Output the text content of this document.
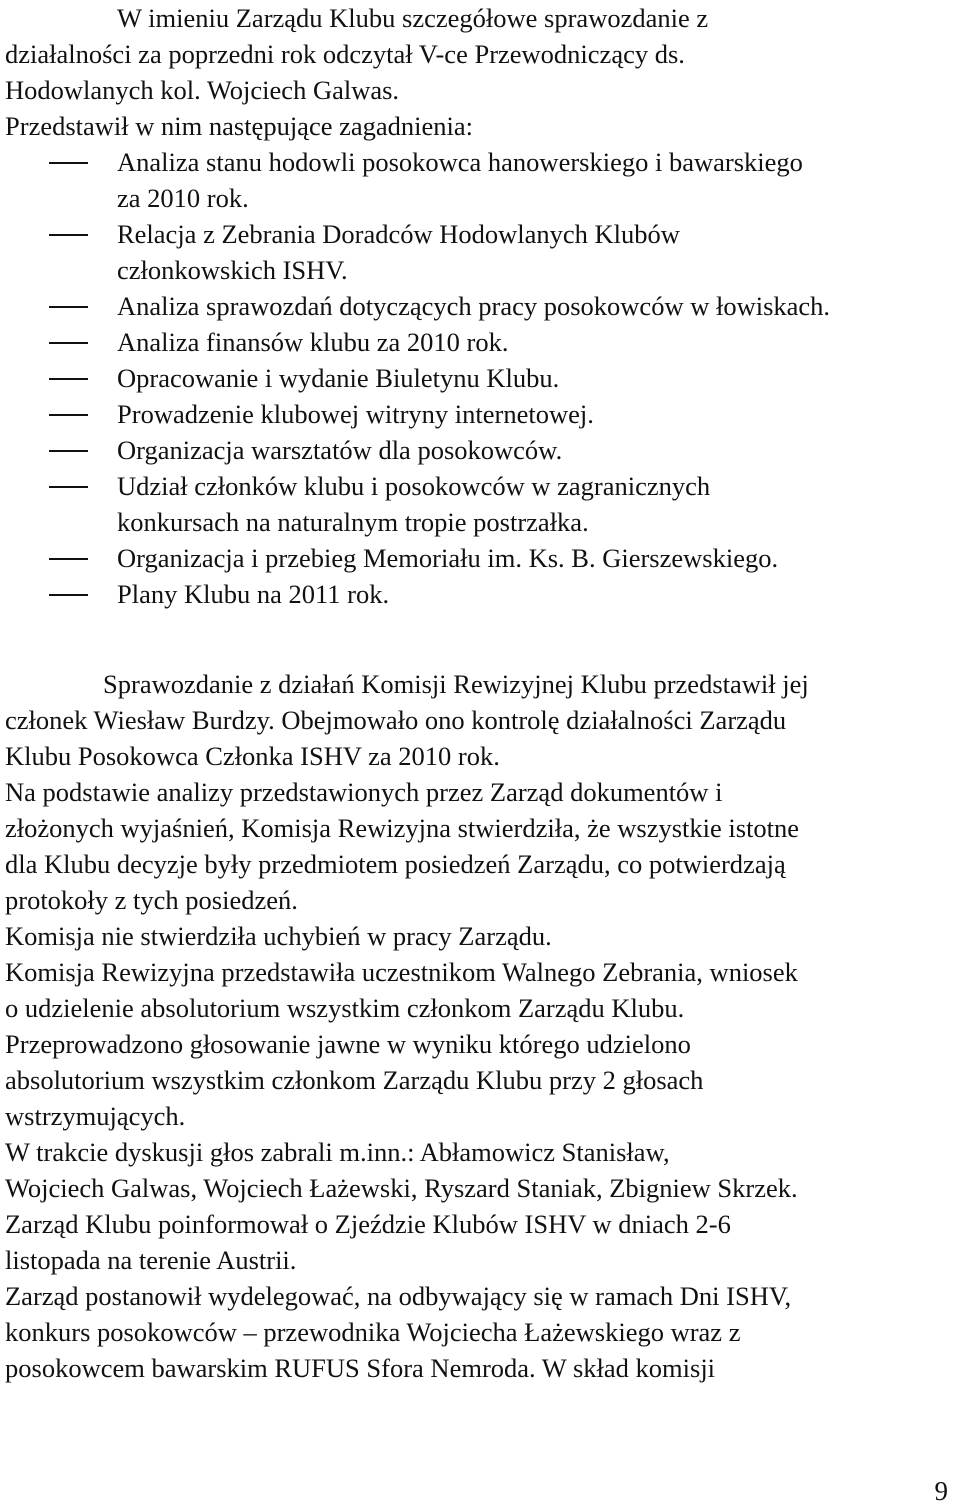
W imieniu Zarządu Klubu szczegółowe sprawozdanie z
działalności za poprzedni rok odczytał V-ce Przewodniczący ds.
Hodowlanych kol. Wojciech Galwas.
Przedstawił w nim następujące zagadnienia:
Analiza stanu hodowli posokowca hanowerskiego i bawarskiego
za 2010 rok.
Relacja z Zebrania Doradców Hodowlanych Klubów
członkowskich ISHV.
Analiza sprawozdań dotyczących pracy posokowców w łowiskach.
Analiza finansów klubu za 2010 rok.
Opracowanie i wydanie Biuletynu Klubu.
Prowadzenie klubowej witryny internetowej.
Organizacja warsztatów dla posokowców.
Udział członków klubu i posokowców w zagranicznych
konkursach na naturalnym tropie postrzałka.
Organizacja i przebieg Memoriału im. Ks. B. Gierszewskiego.
Plany Klubu na 2011 rok.
Sprawozdanie z działań Komisji Rewizyjnej Klubu przedstawił jej
członek Wiesław Burdzy. Obejmowało ono kontrolę działalności Zarządu
Klubu Posokowca Członka ISHV za 2010 rok.
Na podstawie analizy przedstawionych przez Zarząd dokumentów i
złożonych wyjaśnień, Komisja Rewizyjna stwierdziła, że wszystkie istotne
dla Klubu decyzje były przedmiotem posiedzeń Zarządu, co potwierdzają
protokoły z tych posiedzeń.
Komisja nie stwierdziła uchybień w pracy Zarządu.
Komisja Rewizyjna przedstawiła uczestnikom Walnego Zebrania, wniosek
o udzielenie absolutorium wszystkim członkom Zarządu Klubu.
Przeprowadzono głosowanie jawne w wyniku którego udzielono
absolutorium wszystkim członkom Zarządu Klubu przy 2 głosach
wstrzymujących.
W trakcie dyskusji głos zabrali m.inn.: Abłamowicz Stanisław,
Wojciech Galwas, Wojciech Łażewski, Ryszard Staniak, Zbigniew Skrzek.
Zarząd Klubu poinformował o Zjeździe Klubów ISHV w dniach 2-6
listopada na terenie Austrii.
Zarząd postanowił wydelegować, na odbywający się w ramach Dni ISHV,
konkurs posokowców – przewodnika Wojciecha Łażewskiego wraz z
posokowcem bawarskim RUFUS Sfora Nemroda. W skład komisji
9
